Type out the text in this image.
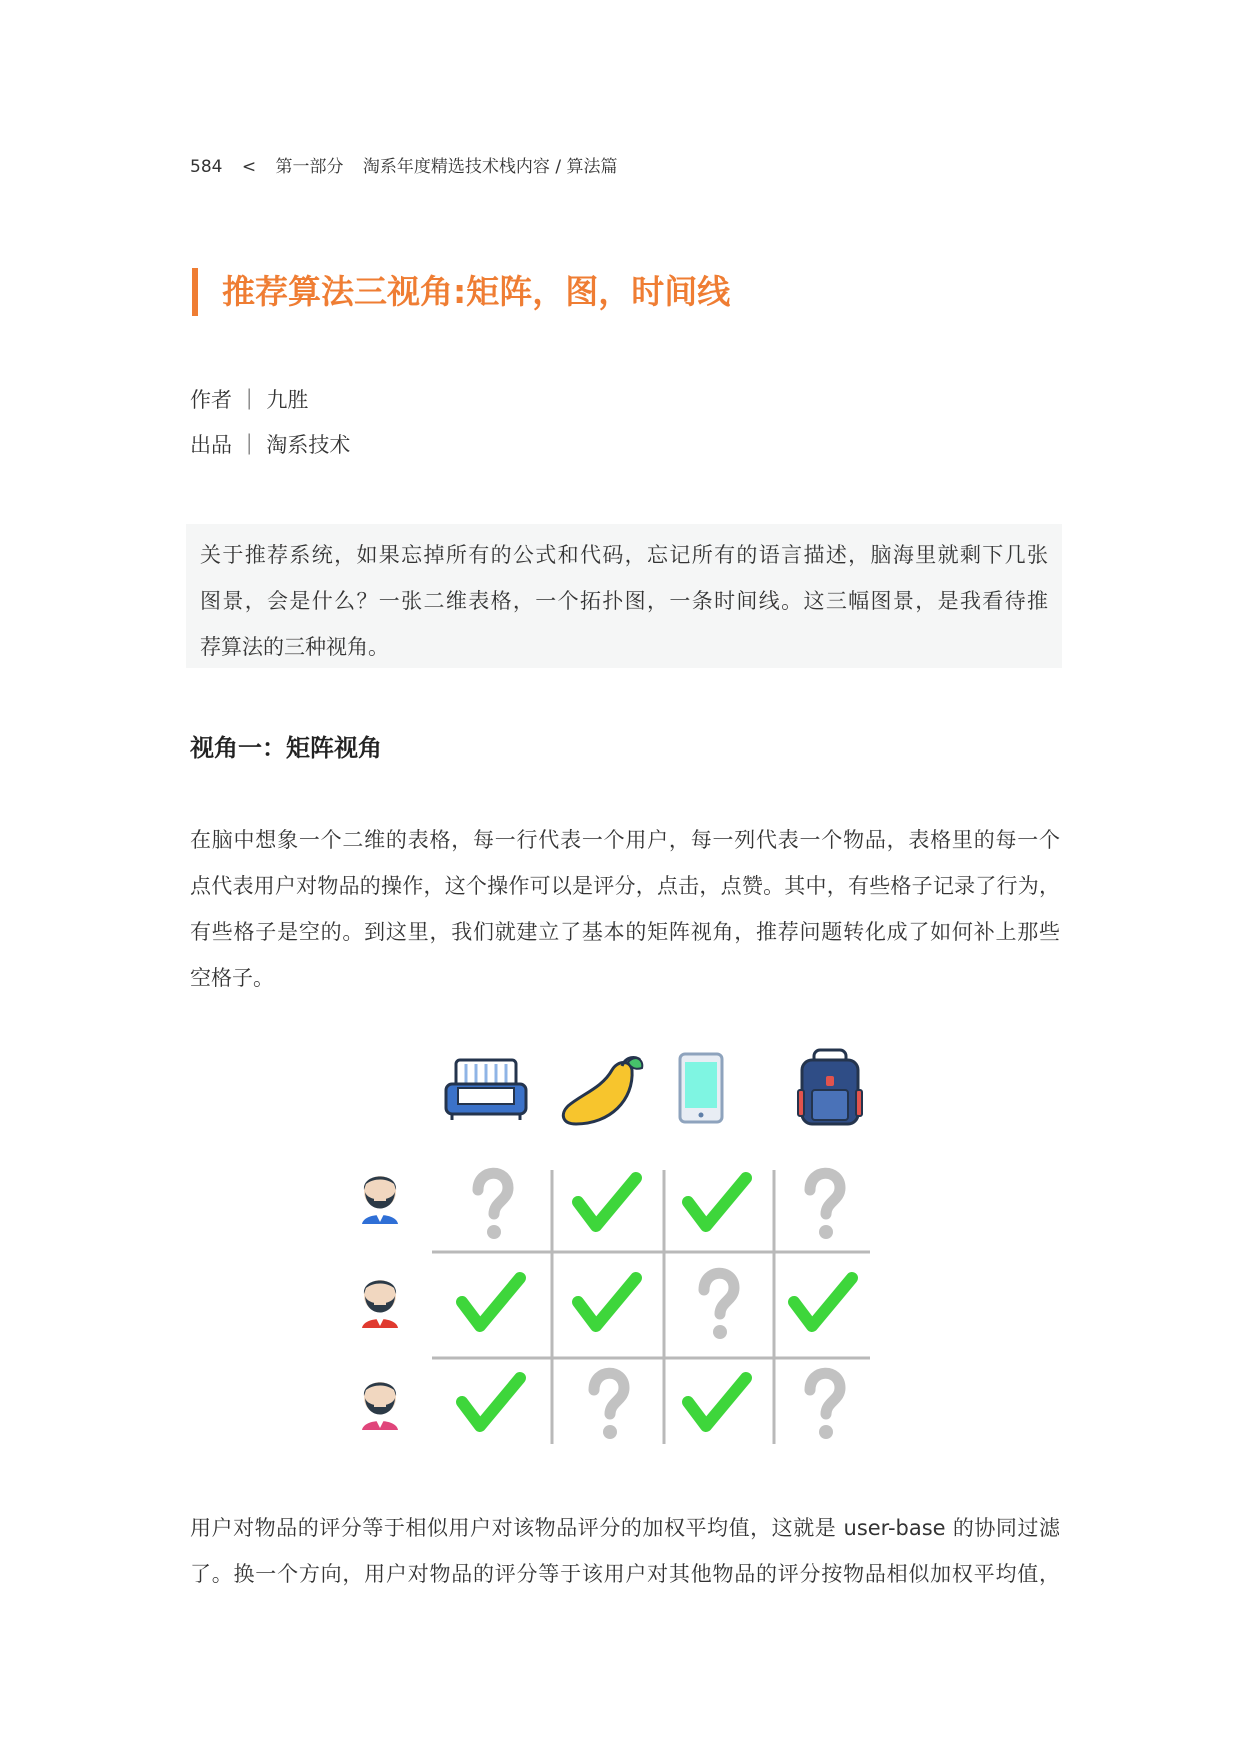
584 < 第一部分 淘系年度精选技术栈内容 / 算法篇
推荐算法三视角:矩阵，图，时间线
作者 ｜ 九胜
出品 ｜ 淘系技术
关于推荐系统，如果忘掉所有的公式和代码，忘记所有的语言描述，脑海里就剩下几张
图景，会是什么？一张二维表格，一个拓扑图，一条时间线。这三幅图景，是我看待推
荐算法的三种视角。
视角一：矩阵视角
在脑中想象一个二维的表格，每一行代表一个用户，每一列代表一个物品，表格里的每一个
点代表用户对物品的操作，这个操作可以是评分，点击，点赞。其中，有些格子记录了行为，
有些格子是空的。到这里，我们就建立了基本的矩阵视角，推荐问题转化成了如何补上那些
空格子。
用户对物品的评分等于相似用户对该物品评分的加权平均值，这就是 user-base 的协同过滤
了。换一个方向，用户对物品的评分等于该用户对其他物品的评分按物品相似加权平均值，
